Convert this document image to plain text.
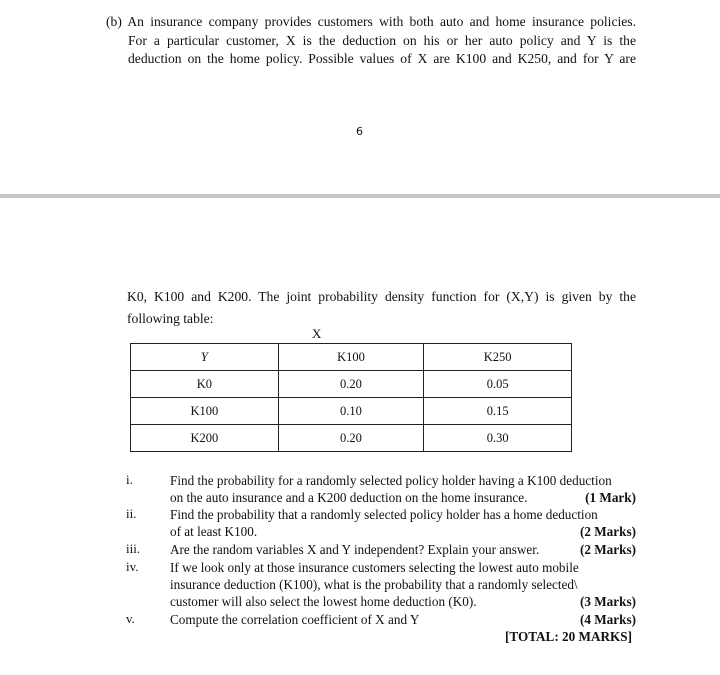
(b) An insurance company provides customers with both auto and home insurance policies.
For a particular customer, X is the deduction on his or her auto policy and Y is the
deduction on the home policy. Possible values of X are K100 and K250, and for Y are
6
K0, K100 and K200. The joint probability density function for (X,Y) is given by the
following table:
X
Y	K100	K250
K0	0.20	0.05
K100	0.10	0.15
K200	0.20	0.30
i.	Find the probability for a randomly selected policy holder having a K100 deduction
on the auto insurance and a K200 deduction on the home insurance.	(1 Mark)
ii.	Find the probability that a randomly selected policy holder has a home deduction
of at least K100.	(2 Marks)
iii.	Are the random variables X and Y independent? Explain your answer.	(2 Marks)
iv.	If we look only at those insurance customers selecting the lowest auto mobile
insurance deduction (K100), what is the probability that a randomly selected\
customer will also select the lowest home deduction (K0).	(3 Marks)
v.	Compute the correlation coefficient of X and Y	(4 Marks)
[TOTAL: 20 MARKS]
